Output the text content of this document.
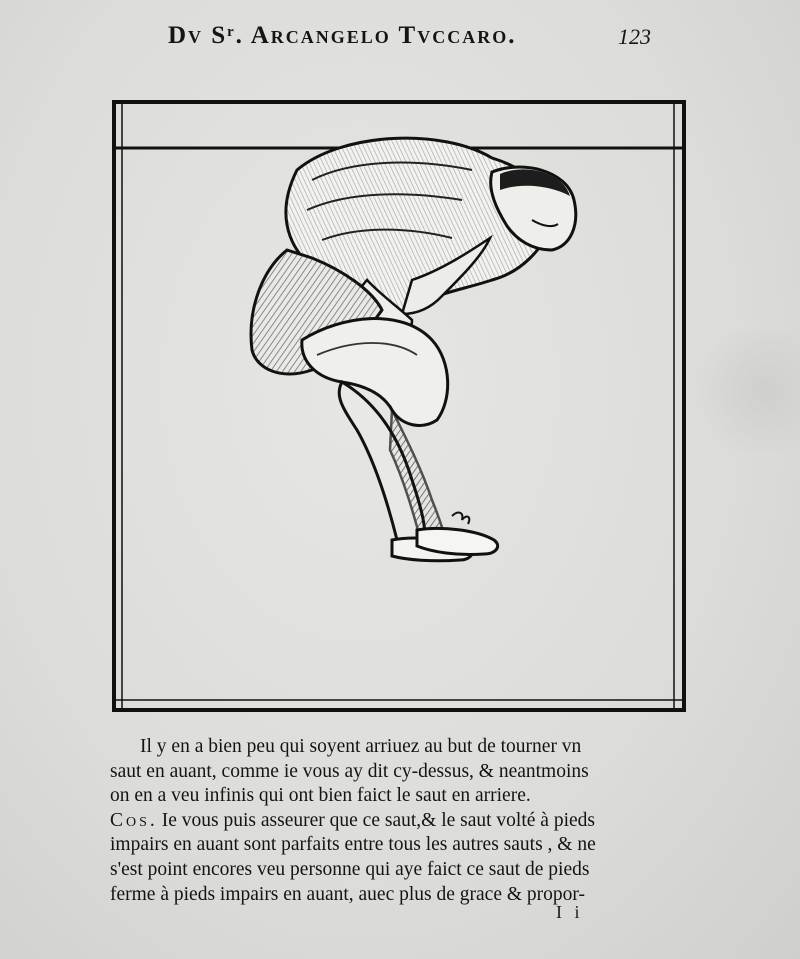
Dv Sʳ. Arcangelo Tvccaro.	123
Il y en a bien peu qui soyent arriuez au but de tourner vn
saut en auant, comme ie vous ay dit cy-dessus, & neantmoins
on en a veu infinis qui ont bien faict le saut en arriere.
Cos. Ie vous puis asseurer que ce saut,& le saut volté à pieds
impairs en auant sont parfaits entre tous les autres sauts , & ne
s'est point encores veu personne qui aye faict ce saut de pieds
ferme à pieds impairs en auant, auec plus de grace & propor-
I i
